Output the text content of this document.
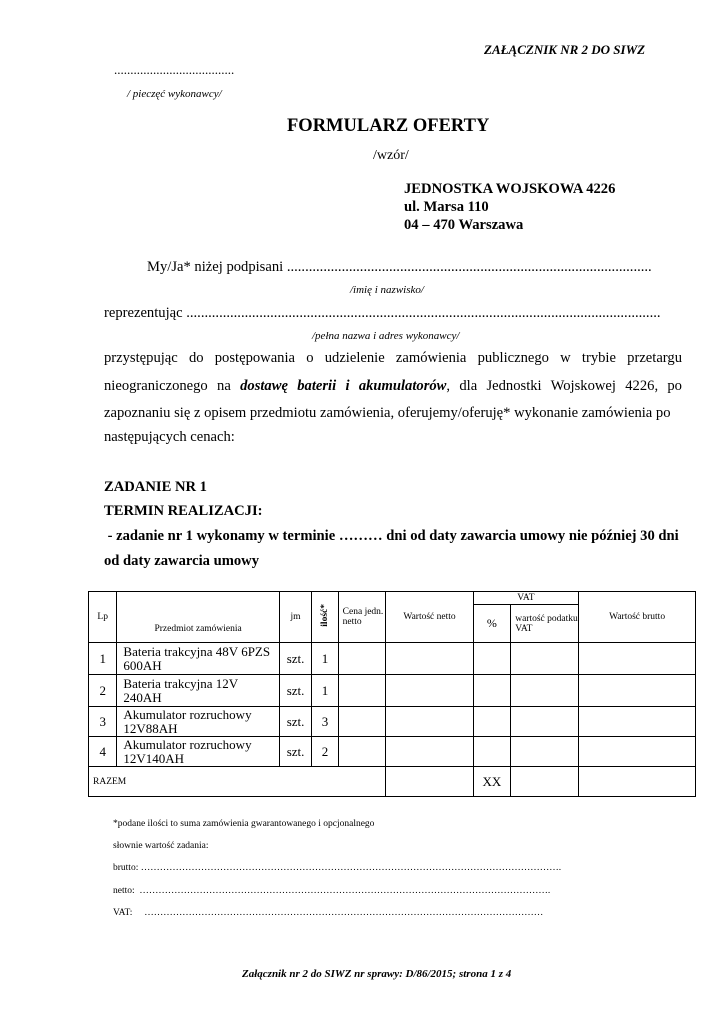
ZAŁĄCZNIK NR 2 DO SIWZ
.....................................
/ pieczęć wykonawcy/
FORMULARZ OFERTY
/wzór/
JEDNOSTKA WOJSKOWA 4226
ul. Marsa 110
04 – 470 Warszawa
My/Ja* niżej podpisani ....................................................................................................
/imię i nazwisko/
reprezentując ..................................................................................................................................
/pełna nazwa i adres wykonawcy/
przystępując do postępowania o udzielenie zamówienia publicznego w trybie przetargu nieograniczonego na dostawę baterii i akumulatorów, dla Jednostki Wojskowej 4226, po zapoznaniu się z opisem przedmiotu zamówienia, oferujemy/oferuję* wykonanie zamówienia po
następujących cenach:
ZADANIE NR 1
TERMIN REALIZACJI:
- zadanie nr 1 wykonamy w terminie ……… dni od daty zawarcia umowy nie później 30 dni
od daty zawarcia umowy
Lp	Przedmiot zamówienia	jm	ilość*	Cena jedn. netto	Wartość netto	VAT		Wartość brutto
						%	wartość podatku VAT	
1	Bateria trakcyjna 48V 6PZS 600AH	szt.	1					
2	Bateria trakcyjna 12V 240AH	szt.	1					
3	Akumulator rozruchowy 12V88AH	szt.	3					
4	Akumulator rozruchowy 12V140AH	szt.	2					
RAZEM						XX		
*podane ilości to suma zamówienia gwarantowanego i opcjonalnego
słownie wartość zadania:
brutto: …………………………………………………………………………………………………………………….
netto:  ………………………………………………………………………………………………………………….
VAT:     ………………………………………………………………………………………………………………
Załącznik nr 2 do SIWZ nr sprawy: D/86/2015; strona 1 z 4
